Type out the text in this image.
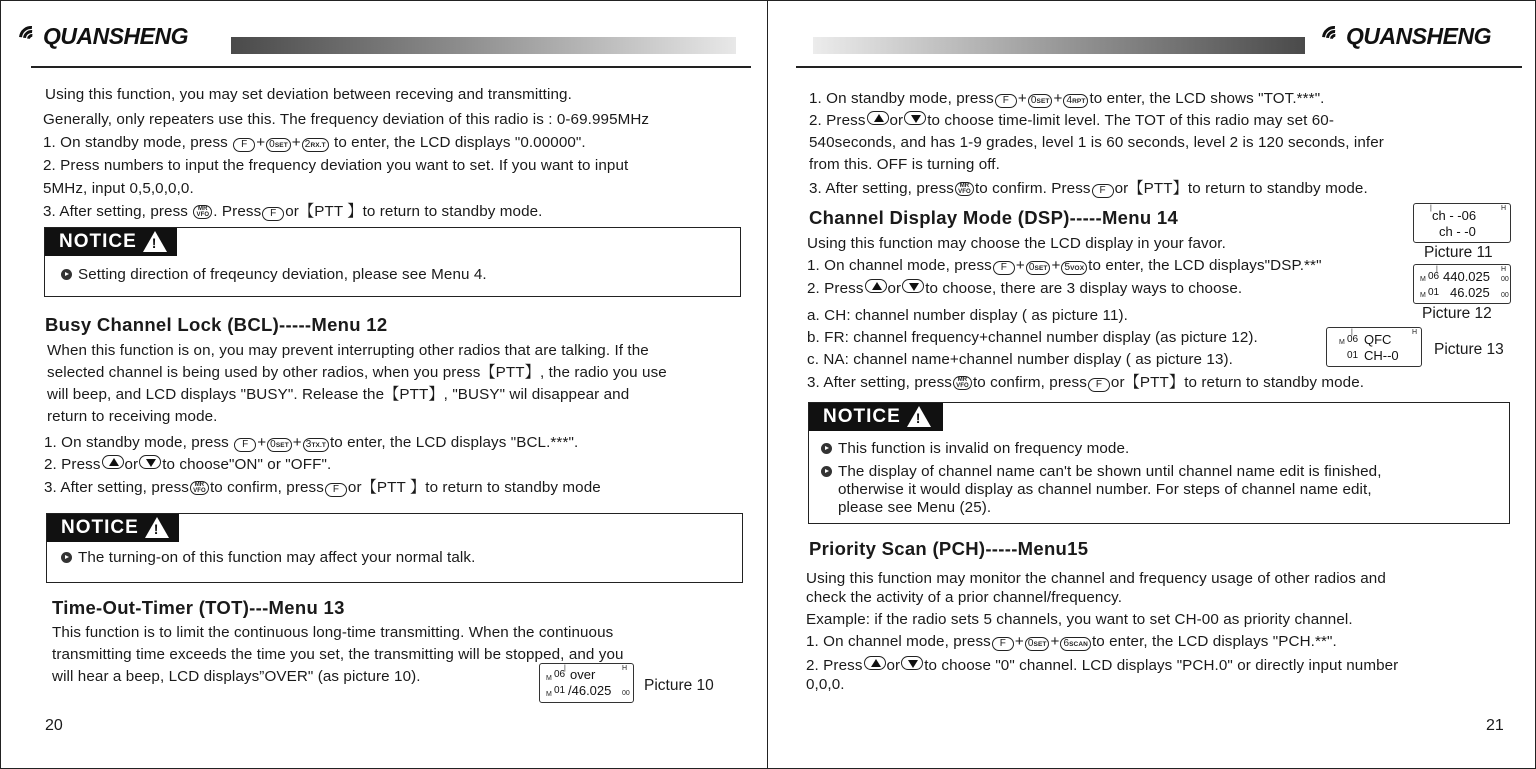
QUANSHENG
Using this function, you may set deviation between receving and transmitting.
Generally, only repeaters use this. The frequency deviation of this radio is : 0-69.995MHz
1. On standby mode, press F + 0SET + 2RX.T to enter, the LCD displays "0.00000".
2. Press numbers to input the frequency deviation you want to set. If you want to input
5MHz, input 0,5,0,0,0.
3. After setting, press MR
VFO . Press F or【PTT 】to return to standby mode.
NOTICE
!
Setting direction of freqeuncy deviation, please see Menu 4.
Busy Channel Lock (BCL)-----Menu 12
When this function is on, you may prevent interrupting other radios that are talking. If the
selected channel is being used by other radios, when you press【PTT】, the radio you use
will beep, and LCD displays "BUSY". Release the【PTT】, "BUSY" wil disappear and
return to receiving mode.
1. On standby mode, press F + 0SET + 3TX.T to enter, the LCD displays "BCL.***".
2. Press or to choose"ON" or "OFF".
3. After setting, press MR
VFO to confirm, press F or【PTT 】to return to standby mode
NOTICE
!
The turning-on of this function may affect your normal talk.
Time-Out-Timer (TOT)---Menu 13
This function is to limit the continuous long-time transmitting. When the continuous
transmitting time exceeds the time you set, the transmitting will be stopped, and you
will hear a beep, LCD displays”OVER" (as picture 10).	|	H
M 06 over
M 01 /46.025 00 Picture 10
20
QUANSHENG
1. On standby mode, press F + 0SET + 4RPT to enter, the LCD shows "TOT.***".
2. Press or to choose time-limit level. The TOT of this radio may set 60-
540seconds, and has 1-9 grades, level 1 is 60 seconds, level 2 is 120 seconds, infer
from this. OFF is turning off.
3. After setting, press MR
VFO to confirm. Press F or【PTT】to return to standby mode.
Channel Display Mode (DSP)-----Menu 14
Using this function may choose the LCD display in your favor.
1. On channel mode, press F + 0SET + 5VOX to enter, the LCD displays"DSP.**"
2. Press or to choose, there are 3 display ways to choose.
a. CH: channel number display ( as picture 11).
b. FR: channel frequency+channel number display (as picture 12).
c. NA: channel name+channel number display ( as picture 13).
3. After setting, press MR
VFO to confirm, press F or【PTT】to return to standby mode.
|	H
ch - -06
ch - -0
Picture 11
|	H
M 06 440.025 00
M 01 46.025 00
Picture 12
|	H
M 06 QFC
01 CH--0 Picture 13
NOTICE
!
This function is invalid on frequency mode.
The display of channel name can't be shown until channel name edit is finished,
otherwise it would display as channel number. For steps of channel name edit,
please see Menu (25).
Priority Scan (PCH)-----Menu15
Using this function may monitor the channel and frequency usage of other radios and
check the activity of a prior channel/frequency.
Example: if the radio sets 5 channels, you want to set CH-00 as priority channel.
1. On channel mode, press F + 0SET + 6SCAN to enter, the LCD displays "PCH.**".
2. Press or to choose "0" channel. LCD displays "PCH.0" or directly input number
0,0,0.
21
